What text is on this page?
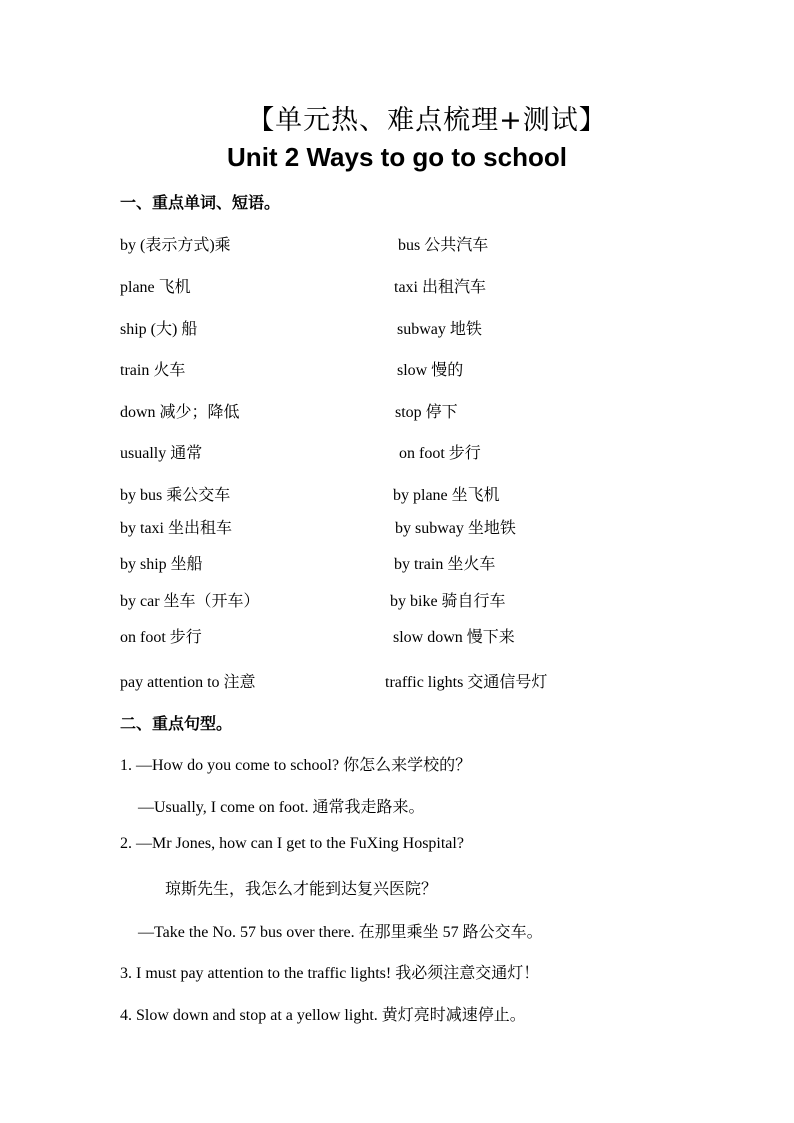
【单元热、难点梳理+测试】
Unit 2 Ways to go to school
一、重点单词、短语。
by (表示方式)乘	bus 公共汽车
plane 飞机	taxi 出租汽车
ship (大) 船	subway 地铁
train 火车	slow 慢的
down 减少；降低	stop 停下
usually 通常	on foot 步行
by bus 乘公交车	by plane 坐飞机
by taxi 坐出租车	by subway 坐地铁
by ship 坐船	by train 坐火车
by car 坐车（开车）	by bike 骑自行车
on foot 步行	slow down 慢下来
pay attention to 注意	traffic lights 交通信号灯
二、重点句型。
1. —How do you come to school? 你怎么来学校的？
—Usually, I come on foot. 通常我走路来。
2. —Mr Jones, how can I get to the FuXing Hospital?
琼斯先生，我怎么才能到达复兴医院？
—Take the No. 57 bus over there. 在那里乘坐 57 路公交车。
3. I must pay attention to the traffic lights! 我必须注意交通灯！
4. Slow down and stop at a yellow light. 黄灯亮时减速停止。
